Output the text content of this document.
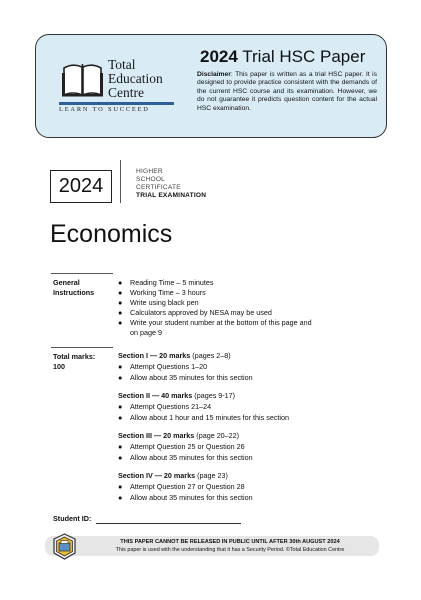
Total
Education
Centre
LEARN TO SUCCEED
2024 Trial HSC Paper
Disclaimer: This paper is written as a trial HSC paper. It is designed to provide practice consistent with the demands of the current HSC course and its examination. However, we do not guarantee it predicts question content for the actual HSC examination.
2024
HIGHER
SCHOOL
CERTIFICATE
TRIAL EXAMINATION
Economics
General
Instructions
● Reading Time – 5 minutes
● Working Time – 3 hours
● Write using black pen
● Calculators approved by NESA may be used
● Write your student number at the bottom of this page and
on page 9
Total marks:
100
Section I — 20 marks (pages 2–8)
● Attempt Questions 1–20
● Allow about 35 minutes for this section
Section II — 40 marks (pages 9-17)
● Attempt Questions 21–24
● Allow about 1 hour and 15 minutes for this section
Section III — 20 marks (page 20–22)
● Attempt Question 25 or Question 26
● Allow about 35 minutes for this section
Section IV — 20 marks (page 23)
● Attempt Question 27 or Question 28
● Allow about 35 minutes for this section
Student ID:
THIS PAPER CANNOT BE RELEASED IN PUBLIC UNTIL AFTER 30th AUGUST 2024
This paper is used with the understanding that it has a Security Period. ©Total Education Centre
